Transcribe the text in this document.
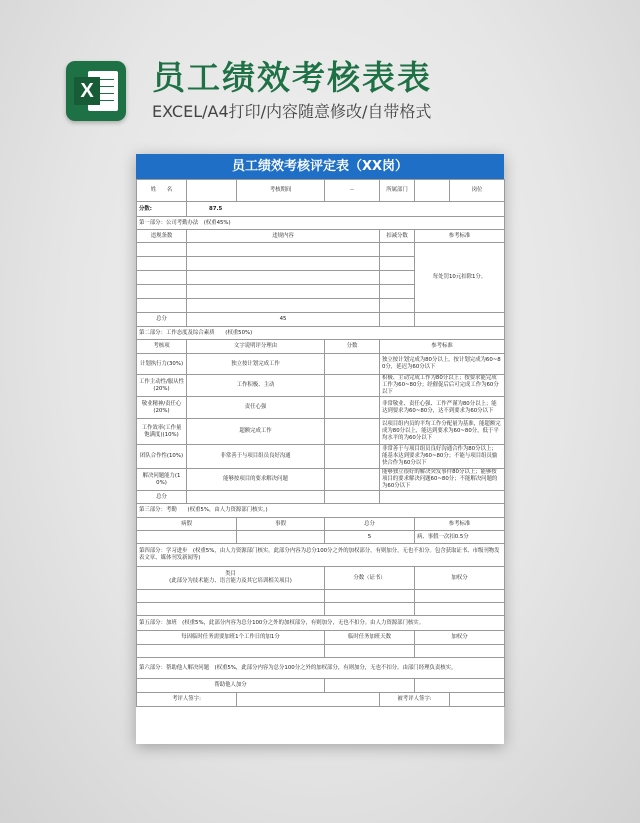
X 员工绩效考核表表
EXCEL/A4打印/内容随意修改/自带格式
员工绩效考核评定表（XX岗）
姓　　名		考核期间	--	所属部门		岗位
分数:	87.5					
第一部分：公司考勤办法　(权重45%)						
违规条数	违规内容			扣减分数	参考标准	
					每处罚10元扣除1分。	

总分	45					
第二部分：工作态度及综合素质　　(权重50%)						
考核项	文字说明评分理由		分数	参考标准		
计划执行力(30%)	独立按计划完成工作			独立按计划完成为80分以上，按计划完成为60~80分，延迟为60分以下		
工作主动性/服从性(20%)	工作积极、主动			积极、主动完成工作为80分以上；按要求能完成工作为60~80分；经催促后后可完成工作为60分以下		
敬业精神/责任心(20%)	责任心强			非常敬业、责任心强、工作严谨为80分以上；能达到要求为60~80分，达不到要求为60分以下		
工作效率(工作量饱满度)(10%)	超额完成工作			以项目组内员的平均工作分配量为基准，能超额完成为80分以上，能达到要求为60~80分，低于平均水平的为60分以下		
团队合作性(10%)	非常善于与项目组员良好沟通			非常善于与项目组员良好沟通合作为80分以上；能基本达到要求为60~80分；不能与项目组员愉快合作为60分以下		
解决问题能力(10%)	能够按项目的要求解决问题			能够独立很好的解决突发事件80分以上；能够按项目的要求解决问题60~80分；不能解决问题的为60分以下		
总分						
第三部分：考勤　　(权重5%，由人力资源部门核实。)						
病假		事假	总分		参考标准	
			5		病、事假一次扣0.5分	
第四部分：学习进步　(权重5%，由人力资源部门核实。此部分内容为总分100分之外的加权部分，有则加分，无也不扣分。包含获取证书、市级刊物发表文章、媒体刊发新闻等)						
类目
(此部分为技术能力、语言能力及其它培训相关项目)			分数（证书）		加权分	

第五部分：加班　(权重5%，此部分内容为总分100分之外的加权部分，有则加分，无也不扣分。由人力资源部门核实。						
每因临时任务需要加班1个工作日的加1分			临时任务加班天数		加权分	

第六部分：帮助他人解决问题　(权重5%，此部分内容为总分100分之外的加权部分，有则加分，无也不扣分。由部门经理负责核实。						
帮助他人加分						
考评人签字:				被考评人签字:		
